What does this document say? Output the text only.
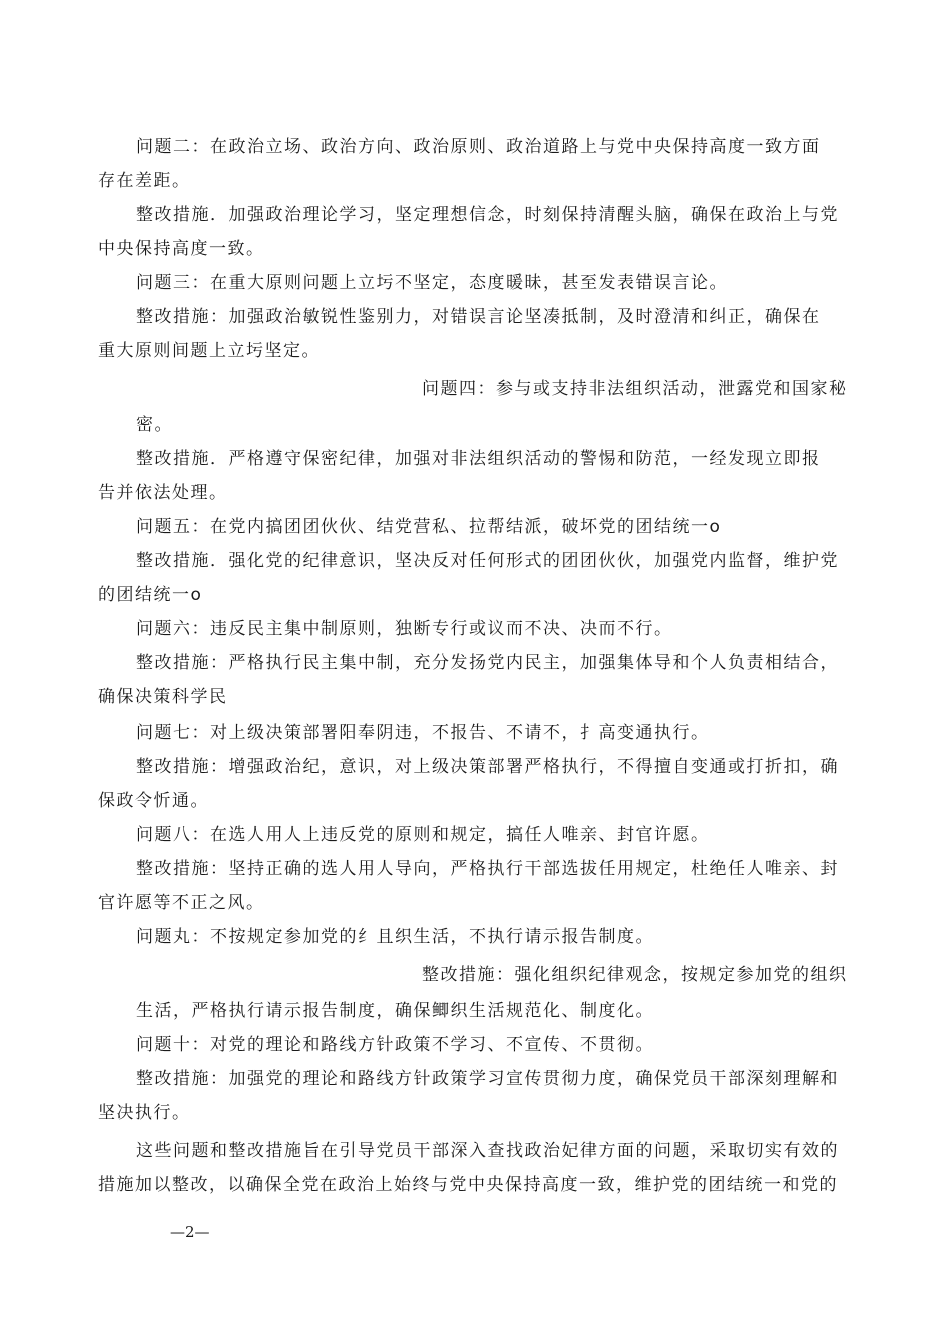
问题二：在政治立场、政治方向、政治原则、政治道路上与党中央保持高度一致方面
存在差距。
整改措施．加强政治理论学习，坚定理想信念，时刻保持清醒头脑，确保在政治上与党
中央保持高度一致。
问题三：在重大原则问题上立圬不坚定，态度暖昧，甚至发表错误言论。
整改措施：加强政治敏锐性鉴别力，对错误言论坚凑抵制，及时澄清和纠正，确保在
重大原则间题上立圬坚定。
问题四：参与或支持非法组织活动，泄露党和国家秘
密。
整改措施．严格遵守保密纪律，加强对非法组织活动的警惕和防范，一经发现立即报
告并依法处理。
问题五：在党内搞团团伙伙、结党营私、拉帮结派，破坏党的团结统一o
整改措施．强化党的纪律意识，坚决反对任何形式的团团伙伙，加强党内监督，维护党
的团结统一o
问题六：违反民主集中制原则，独断专行或议而不决、决而不行。
整改措施：严格执行民主集中制，充分发扬党内民主，加强集体导和个人负责相结合，
确保决策科学民
问题七：对上级决策部署阳奉阴违，不报告、不请不，扌高变通执行。
整改措施：增强政治纪，意识，对上级决策部署严格执行，不得擅自变通或打折扣，确
保政令忻通。
问题八：在选人用人上违反党的原则和规定，搞任人唯亲、封官许愿。
整改措施：坚持正确的选人用人导向，严格执行干部选拔任用规定，杜绝任人唯亲、封
官许愿等不正之风。
问题丸：不按规定参加党的纟且织生活，不执行请示报告制度。
整改措施：强化组织纪律观念，按规定参加党的组织
生活，严格执行请示报告制度，确保鲫织生活规范化、制度化。
问题十：对党的理论和路线方针政策不学习、不宣传、不贯彻。
整改措施：加强党的理论和路线方针政策学习宣传贯彻力度，确保党员干部深刻理解和
坚决执行。
这些问题和整改措施旨在引导党员干部深入查找政治妃律方面的问题，采取切实有效的
措施加以整改，以确保全党在政治上始终与党中央保持高度一致，维护党的团结统一和党的
—2—
